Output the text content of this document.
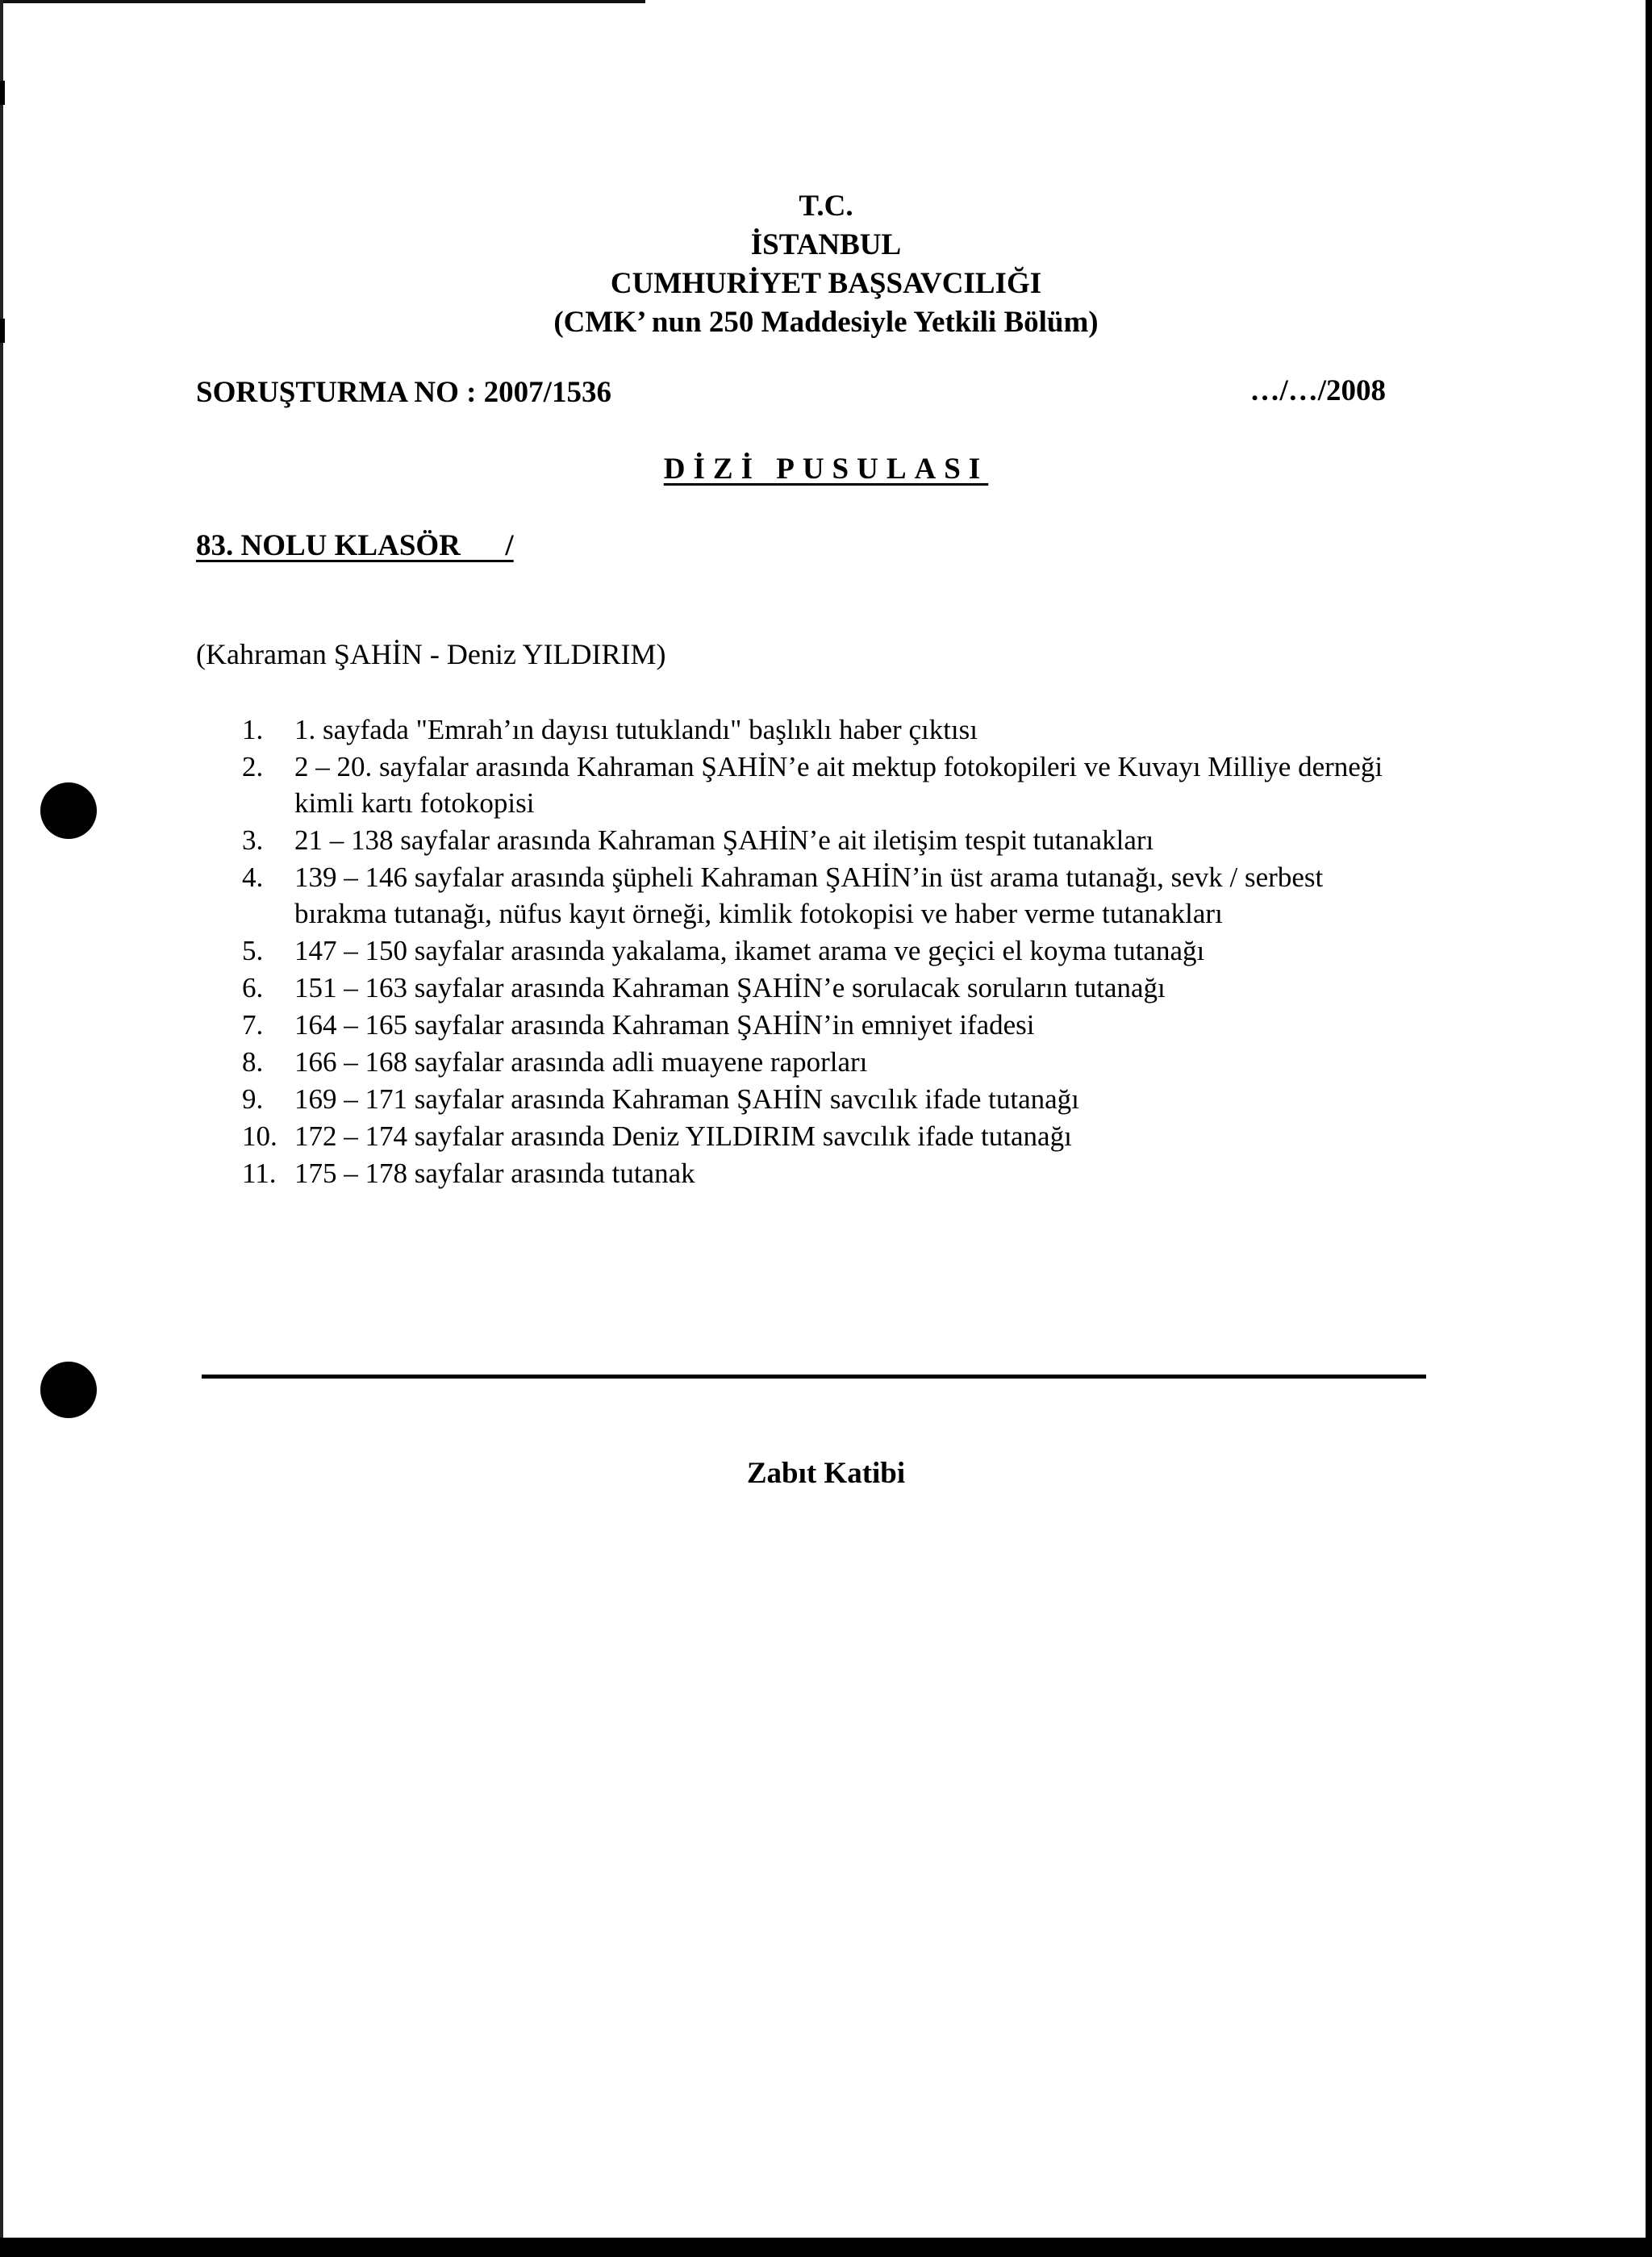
T.C.
İSTANBUL
CUMHURİYET BAŞSAVCILIĞI
(CMK’ nun 250 Maddesiyle Yetkili Bölüm)
SORUŞTURMA NO : 2007/1536	…/…/2008
DİZİ PUSULASI
83. NOLU KLASÖR      /
(Kahraman ŞAHİN - Deniz YILDIRIM)
1.	1. sayfada "Emrah’ın dayısı tutuklandı" başlıklı haber çıktısı
2.	2 – 20. sayfalar arasında Kahraman ŞAHİN’e ait mektup fotokopileri ve Kuvayı Milliye derneği kimli kartı fotokopisi
3.	21 – 138 sayfalar arasında Kahraman ŞAHİN’e ait iletişim tespit tutanakları
4.	139 – 146 sayfalar arasında şüpheli Kahraman ŞAHİN’in üst arama tutanağı, sevk / serbest bırakma tutanağı, nüfus kayıt örneği, kimlik fotokopisi ve haber verme tutanakları
5.	147 – 150 sayfalar arasında yakalama, ikamet arama ve geçici el koyma tutanağı
6.	151 – 163 sayfalar arasında Kahraman ŞAHİN’e sorulacak soruların tutanağı
7.	164 – 165 sayfalar arasında Kahraman ŞAHİN’in emniyet ifadesi
8.	166 – 168 sayfalar arasında adli muayene raporları
9.	169 – 171 sayfalar arasında Kahraman ŞAHİN savcılık ifade tutanağı
10. 172 – 174 sayfalar arasında Deniz YILDIRIM savcılık ifade tutanağı
11. 175 – 178 sayfalar arasında tutanak
Zabıt Katibi
